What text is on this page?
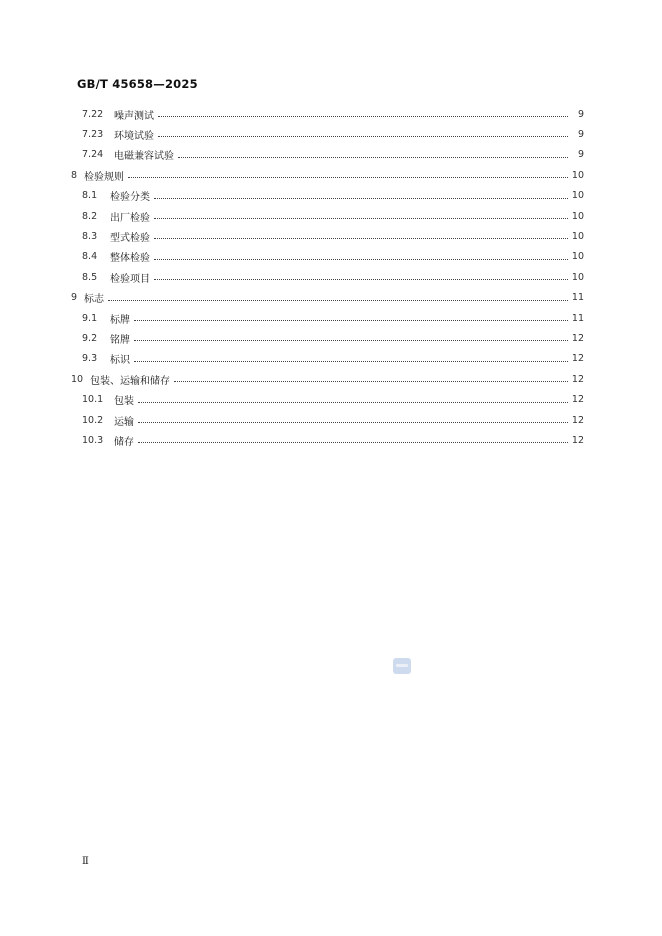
GB/T 45658—2025
7.22	噪声测试	9
7.23	环境试验	9
7.24	电磁兼容试验	9
8 检验规则	10
8.1	检验分类	10
8.2	出厂检验	10
8.3	型式检验	10
8.4	整体检验	10
8.5	检验项目	10
9 标志	11
9.1	标牌	11
9.2	铭牌	12
9.3	标识	12
10 包装、运输和储存	12
10.1	包装	12
10.2	运输	12
10.3	储存	12
Ⅱ
